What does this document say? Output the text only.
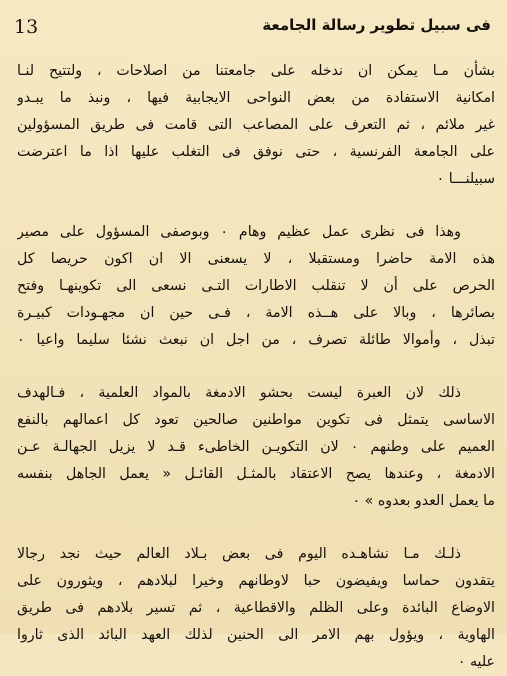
13	فى سبيل تطوير رسالة الجامعة
بشأن مـا يمكن ان ندخله على جامعتنا من اصلاحات ، ولتتيح لنـا
امكانية الاستفادة من بعض النواحى الايجابية فيها ، ونبذ ما يبـدو
غير ملائم ، ثم التعرف على المصاعب التى قامت فى طريق المسؤولين
على الجامعة الفرنسية ، حتى نوفق فى التغلب عليها اذا ما اعترضت
سبيلنـــا ٠
وهذا فى نظرى عمل عظيم وهام ٠ وبوصفى المسؤول على مصير
هذه الامة حاضرا ومستقبلا ، لا يسعنى الا ان اكون حريصا كل
الحرص على أن لا تنقلب الاطارات التـى نسعى الى تكوينهـا وفتح
بصائرها ، وبالا على هــذه الامة ، فـى حين ان مجهـودات كبيـرة
تبذل ، وأموالا طائلة تصرف ، من اجل ان نبعث نشئا سليما واعيا ٠
ذلك لان العبرة ليست بحشو الادمغة بالمواد العلمية ، فـالهدف
الاساسى يتمثل فى تكوين مواطنين صالحين تعود كل اعمالهم بالنفع
العميم على وطنهم ٠ لان التكويـن الخاطىء قـد لا يزيل الجهالـة عـن
الادمغة ، وعندها يصح الاعتقاد بالمثـل القائـل « يعمل الجاهل بنفسه
ما يعمل العدو بعدوه » ٠
ذلـك مـا نشاهـده اليوم فى بعض بـلاد العالم حيث نجد رجالا
يتقدون حماسا ويفيضون حبا لاوطانهم وخيرا لبلادهم ، ويثورون على
الاوضاع البائدة وعلى الظلم والاقطاعية ، ثم تسير بلادهم فى طريق
الهاوية ، ويؤول بهم الامر الى الحنين لذلك العهد البائد الذى ثاروا
عليه ٠
